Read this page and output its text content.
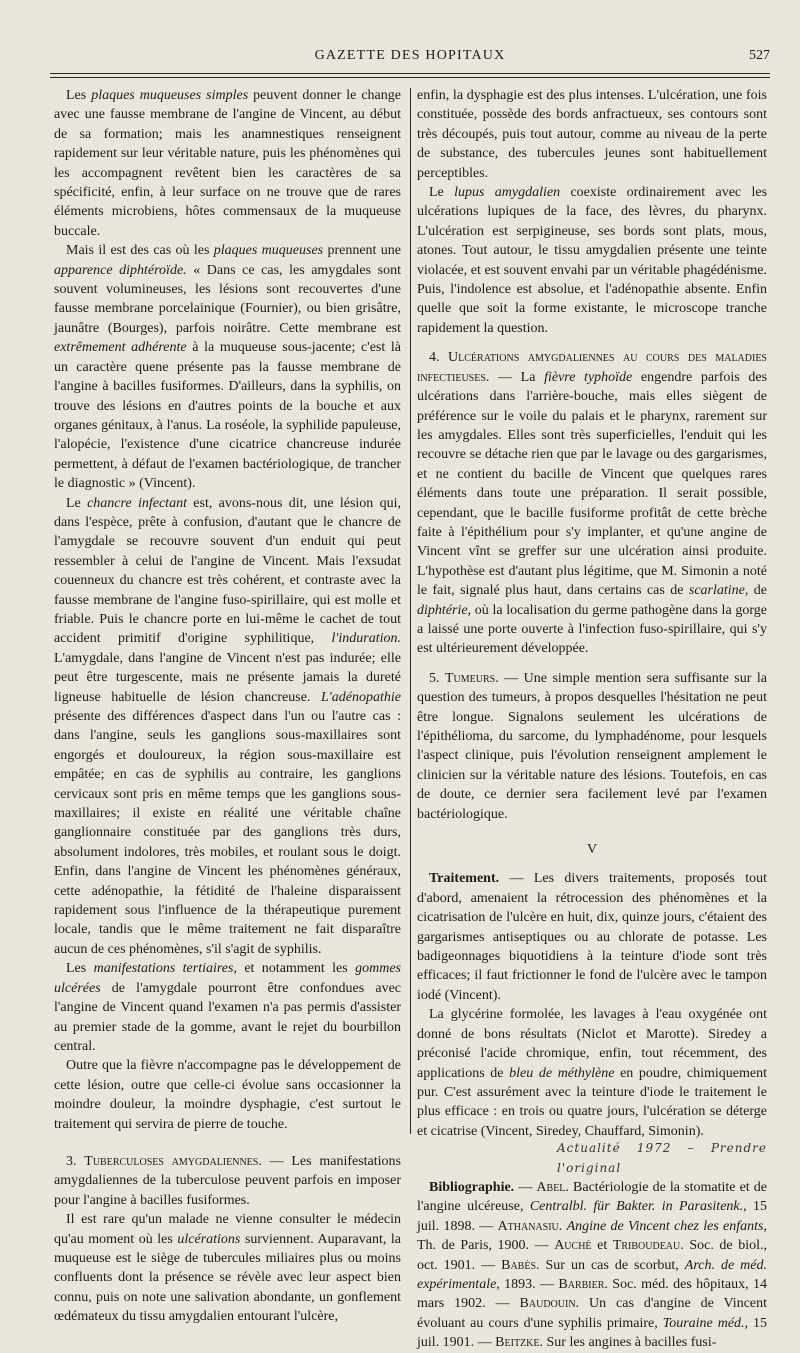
GAZETTE DES HOPITAUX	527

Les plaques muqueuses simples peuvent donner le change avec une fausse membrane de l'angine de Vincent, au début de sa formation; mais les anamnestiques renseignent rapidement sur leur véritable nature, puis les phénomènes qui les accompagnent revêtent bien les caractères de sa spécificité, enfin, à leur surface on ne trouve que de rares éléments microbiens, hôtes commensaux de la muqueuse buccale.

Mais il est des cas où les plaques muqueuses prennent une apparence diphtéroïde. « Dans ce cas, les amygdales sont souvent volumineuses, les lésions sont recouvertes d'une fausse membrane porcelainique (Fournier), ou bien grisâtre, jaunâtre (Bourges), parfois noirâtre. Cette membrane est extrêmement adhérente à la muqueuse sous-jacente; c'est là un caractère quene présente pas la fausse membrane de l'angine à bacilles fusiformes. D'ailleurs, dans la syphilis, on trouve des lésions en d'autres points de la bouche et aux organes génitaux, à l'anus. La roséole, la syphilide papuleuse, l'alopécie, l'existence d'une cicatrice chancreuse indurée permettent, à défaut de l'examen bactériologique, de trancher le diagnostic » (Vincent).

Le chancre infectant est, avons-nous dit, une lésion qui, dans l'espèce, prête à confusion, d'autant que le chancre de l'amygdale se recouvre souvent d'un enduit qui peut ressembler à celui de l'angine de Vincent. Mais l'exsudat couenneux du chancre est très cohérent, et contraste avec la fausse membrane de l'angine fuso-spirillaire, qui est molle et friable. Puis le chancre porte en lui-même le cachet de tout accident primitif d'origine syphilitique, l'induration. L'amygdale, dans l'angine de Vincent n'est pas indurée; elle peut être turgescente, mais ne présente jamais la dureté ligneuse habituelle de lésion chancreuse. L'adénopathie présente des différences d'aspect dans l'un ou l'autre cas : dans l'angine, seuls les ganglions sous-maxillaires sont engorgés et douloureux, la région sous-maxillaire est empâtée; en cas de syphilis au contraire, les ganglions cervicaux sont pris en même temps que les ganglions sous-maxillaires; il existe en réalité une véritable chaîne ganglionnaire constituée par des ganglions très durs, absolument indolores, très mobiles, et roulant sous le doigt. Enfin, dans l'angine de Vincent les phénomènes généraux, cette adénopathie, la fétidité de l'haleine disparaissent rapidement sous l'influence de la thérapeutique purement locale, tandis que le même traitement ne fait disparaître aucun de ces phénomènes, s'il s'agit de syphilis.

Les manifestations tertiaires, et notamment les gommes ulcérées de l'amygdale pourront être confondues avec l'angine de Vincent quand l'examen n'a pas permis d'assister au premier stade de la gomme, avant le rejet du bourbillon central.

Outre que la fièvre n'accompagne pas le développement de cette lésion, outre que celle-ci évolue sans occasionner la moindre douleur, la moindre dysphagie, c'est surtout le traitement qui servira de pierre de touche.

3. Tuberculoses amygdaliennes. — Les manifestations amygdaliennes de la tuberculose peuvent parfois en imposer pour l'angine à bacilles fusiformes.

Il est rare qu'un malade ne vienne consulter le médecin qu'au moment où les ulcérations surviennent. Auparavant, la muqueuse est le siège de tubercules miliaires plus ou moins confluents dont la présence se révèle avec leur aspect bien connu, puis on note une salivation abondante, un gonflement œdémateux du tissu amygdalien entourant l'ulcère,

enfin, la dysphagie est des plus intenses. L'ulcération, une fois constituée, possède des bords anfractueux, ses contours sont très découpés, puis tout autour, comme au niveau de la perte de substance, des tubercules jeunes sont habituellement perceptibles.

Le lupus amygdalien coexiste ordinairement avec les ulcérations lupiques de la face, des lèvres, du pharynx. L'ulcération est serpigineuse, ses bords sont plats, mous, atones. Tout autour, le tissu amygdalien présente une teinte violacée, et est souvent envahi par un véritable phagédénisme. Puis, l'indolence est absolue, et l'adénopathie absente. Enfin quelle que soit la forme existante, le microscope tranche rapidement la question.

4. Ulcérations amygdaliennes au cours des maladies infectieuses. — La fièvre typhoïde engendre parfois des ulcérations dans l'arrière-bouche, mais elles siègent de préférence sur le voile du palais et le pharynx, rarement sur les amygdales. Elles sont très superficielles, l'enduit qui les recouvre se détache rien que par le lavage ou des gargarismes, et ne contient du bacille de Vincent que quelques rares éléments dans toute une préparation. Il serait possible, cependant, que le bacille fusiforme profitât de cette brèche faite à l'épithélium pour s'y implanter, et qu'une angine de Vincent vînt se greffer sur une ulcération ainsi produite. L'hypothèse est d'autant plus légitime, que M. Simonin a noté le fait, signalé plus haut, dans certains cas de scarlatine, de diphtérie, où la localisation du germe pathogène dans la gorge a laissé une porte ouverte à l'infection fuso-spirillaire, qui s'y est ultérieurement développée.

5. Tumeurs. — Une simple mention sera suffisante sur la question des tumeurs, à propos desquelles l'hésitation ne peut être longue. Signalons seulement les ulcérations de l'épithélioma, du sarcome, du lymphadénome, pour lesquels l'aspect clinique, puis l'évolution renseignent amplement le clinicien sur la véritable nature des lésions. Toutefois, en cas de doute, ce dernier sera facilement levé par l'examen bactériologique.

V

Traitement. — Les divers traitements, proposés tout d'abord, amenaient la rétrocession des phénomènes et la cicatrisation de l'ulcère en huit, dix, quinze jours, c'étaient des gargarismes antiseptiques ou au chlorate de potasse. Les badigeonnages biquotidiens à la teinture d'iode sont très efficaces; il faut frictionner le fond de l'ulcère avec le tampon iodé (Vincent).

La glycérine formolée, les lavages à l'eau oxygénée ont donné de bons résultats (Niclot et Marotte). Siredey a préconisé l'acide chromique, enfin, tout récemment, des applications de bleu de méthylène en poudre, chimiquement pur. C'est assurément avec la teinture d'iode le traitement le plus efficace : en trois ou quatre jours, l'ulcération se déterge et cicatrise (Vincent, Siredey, Chauffard, Simonin).

Actualité 1972 – Prendre l'original

Bibliographie. — Abel. Bactériologie de la stomatite et de l'angine ulcéreuse, Centralbl. für Bakter. in Parasitenk., 15 juil. 1898. — Athanasiu. Angine de Vincent chez les enfants, Th. de Paris, 1900. — Auché et Triboudeau. Soc. de biol., oct. 1901. — Babès. Sur un cas de scorbut, Arch. de méd. expérimentale, 1893. — Barbier. Soc. méd. des hôpitaux, 14 mars 1902. — Baudouin. Un cas d'angine de Vincent évoluant au cours d'une syphilis primaire, Touraine méd., 15 juil. 1901. — Beitzke. Sur les angines à bacilles fusi-
